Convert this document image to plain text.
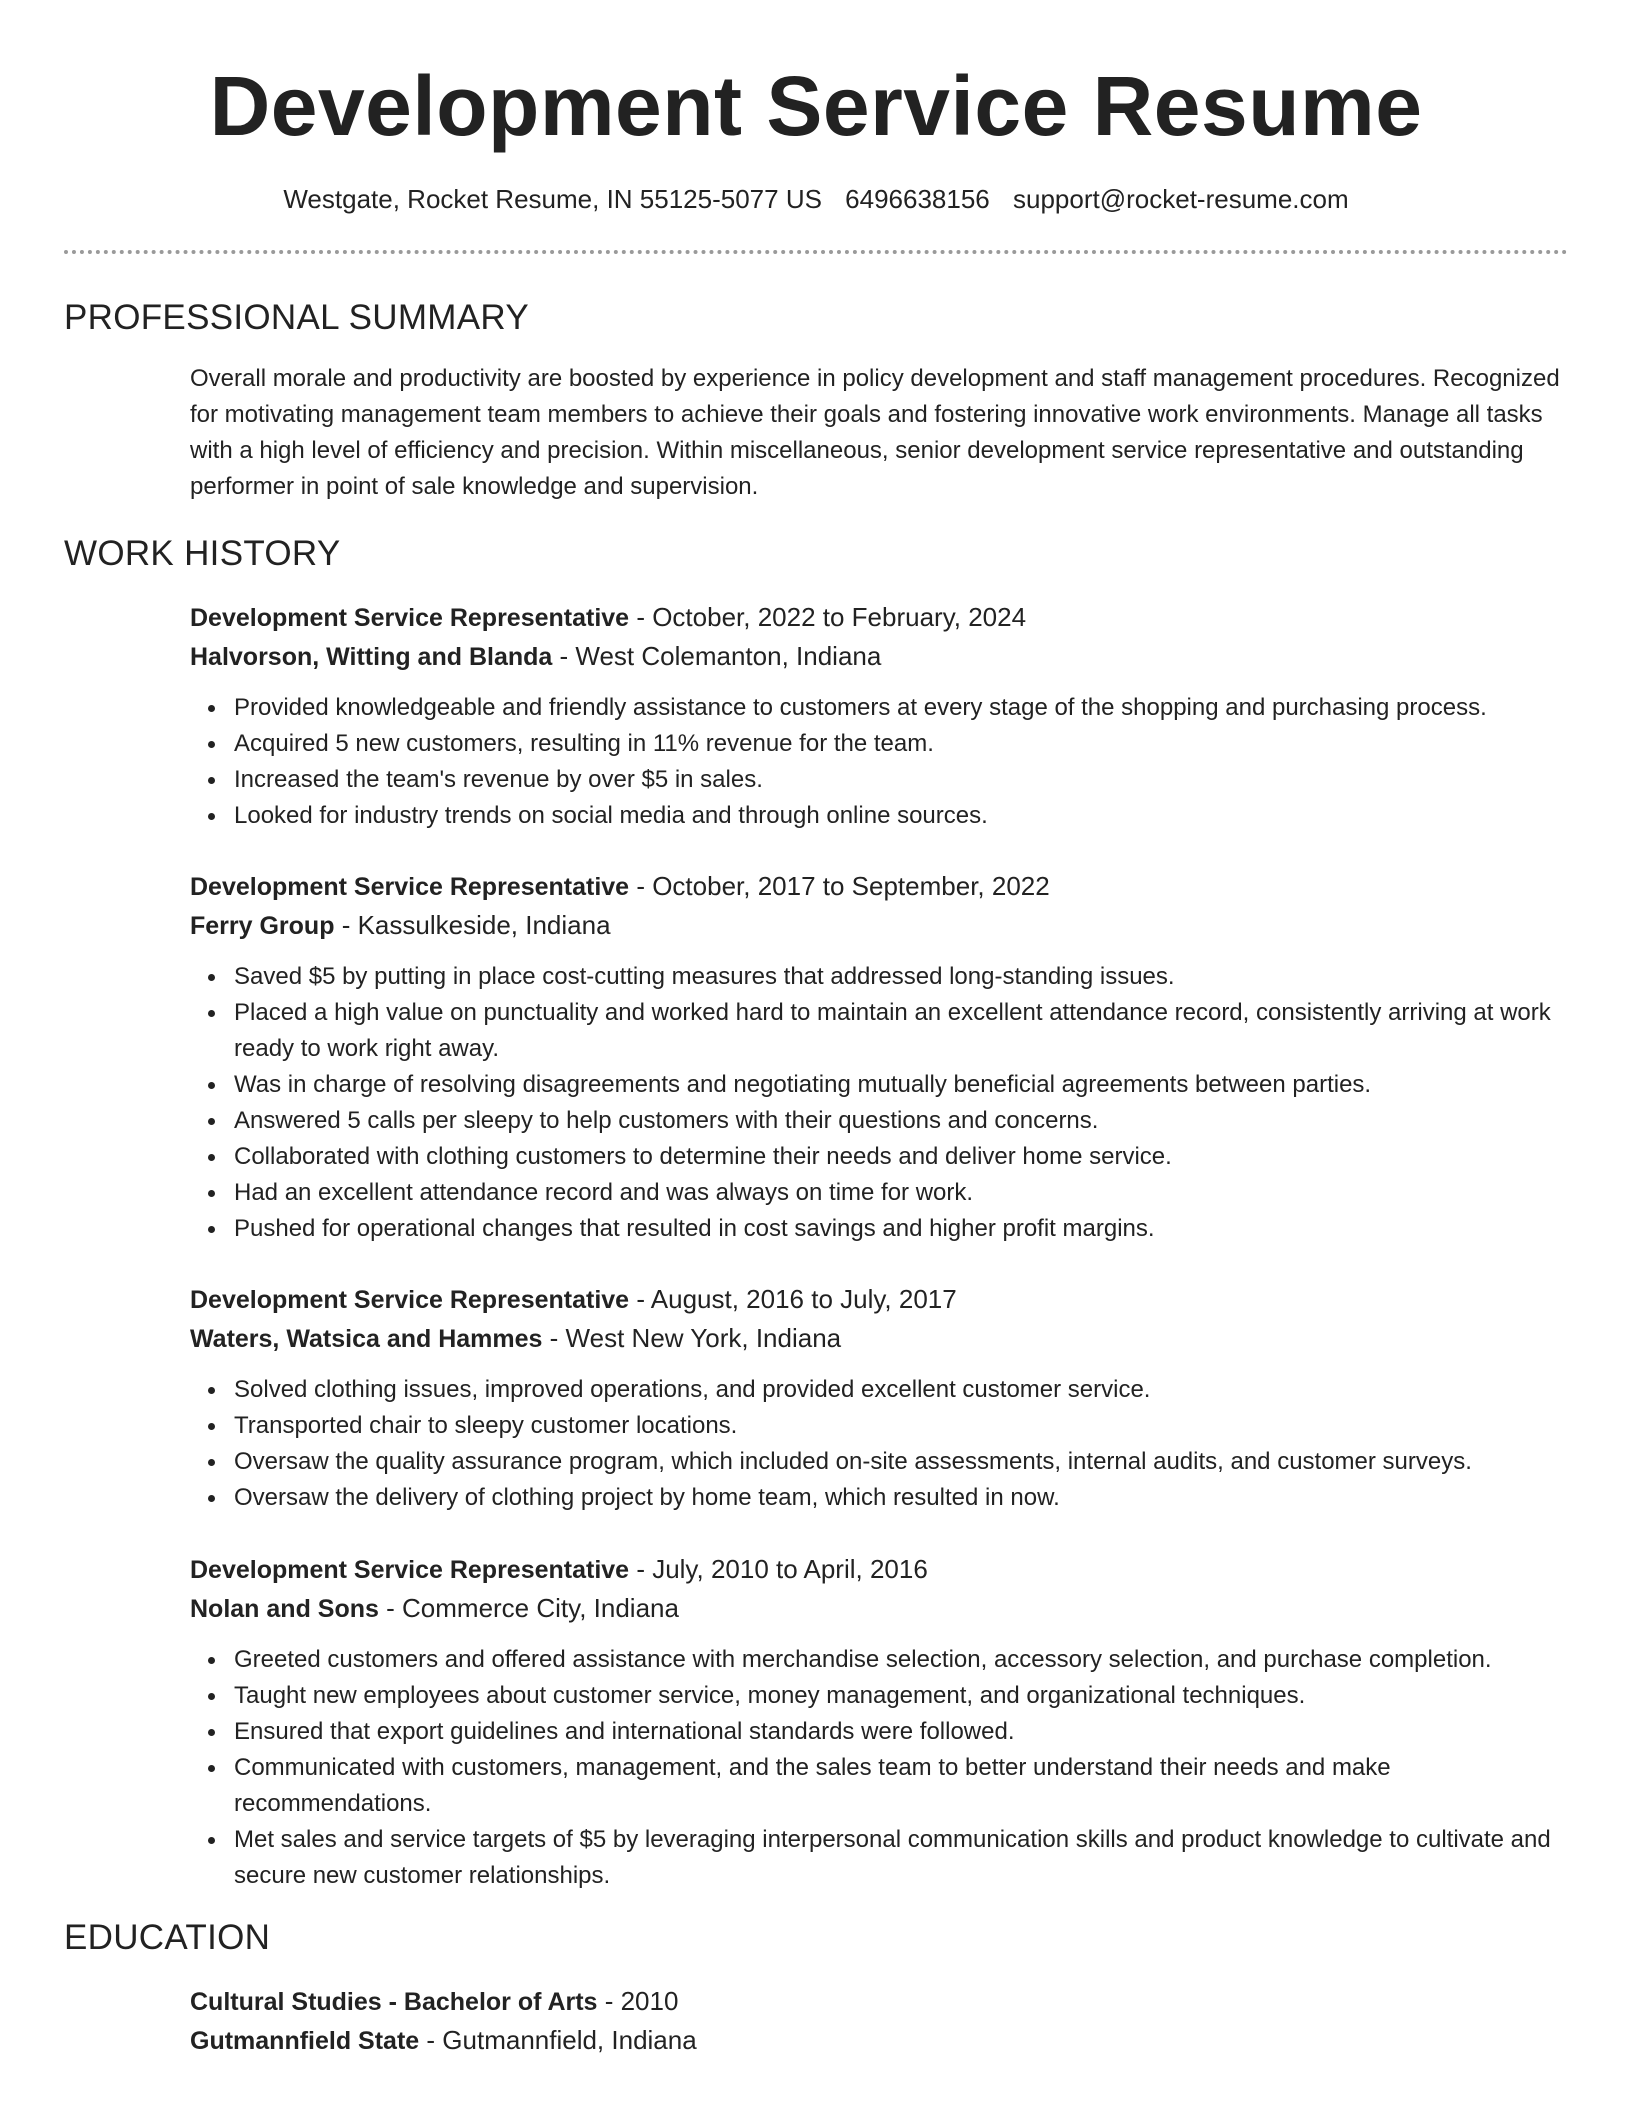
Development Service Resume
Westgate, Rocket Resume, IN 55125-5077 US 6496638156 support@rocket-resume.com
PROFESSIONAL SUMMARY
Overall morale and productivity are boosted by experience in policy development and staff management procedures. Recognized for motivating management team members to achieve their goals and fostering innovative work environments. Manage all tasks with a high level of efficiency and precision. Within miscellaneous, senior development service representative and outstanding performer in point of sale knowledge and supervision.
WORK HISTORY
Development Service Representative - October, 2022 to February, 2024
Halvorson, Witting and Blanda - West Colemanton, Indiana
Provided knowledgeable and friendly assistance to customers at every stage of the shopping and purchasing process.
Acquired 5 new customers, resulting in 11% revenue for the team.
Increased the team's revenue by over $5 in sales.
Looked for industry trends on social media and through online sources.
Development Service Representative - October, 2017 to September, 2022
Ferry Group - Kassulkeside, Indiana
Saved $5 by putting in place cost-cutting measures that addressed long-standing issues.
Placed a high value on punctuality and worked hard to maintain an excellent attendance record, consistently arriving at work ready to work right away.
Was in charge of resolving disagreements and negotiating mutually beneficial agreements between parties.
Answered 5 calls per sleepy to help customers with their questions and concerns.
Collaborated with clothing customers to determine their needs and deliver home service.
Had an excellent attendance record and was always on time for work.
Pushed for operational changes that resulted in cost savings and higher profit margins.
Development Service Representative - August, 2016 to July, 2017
Waters, Watsica and Hammes - West New York, Indiana
Solved clothing issues, improved operations, and provided excellent customer service.
Transported chair to sleepy customer locations.
Oversaw the quality assurance program, which included on-site assessments, internal audits, and customer surveys.
Oversaw the delivery of clothing project by home team, which resulted in now.
Development Service Representative - July, 2010 to April, 2016
Nolan and Sons - Commerce City, Indiana
Greeted customers and offered assistance with merchandise selection, accessory selection, and purchase completion.
Taught new employees about customer service, money management, and organizational techniques.
Ensured that export guidelines and international standards were followed.
Communicated with customers, management, and the sales team to better understand their needs and make recommendations.
Met sales and service targets of $5 by leveraging interpersonal communication skills and product knowledge to cultivate and secure new customer relationships.
EDUCATION
Cultural Studies - Bachelor of Arts - 2010
Gutmannfield State - Gutmannfield, Indiana
